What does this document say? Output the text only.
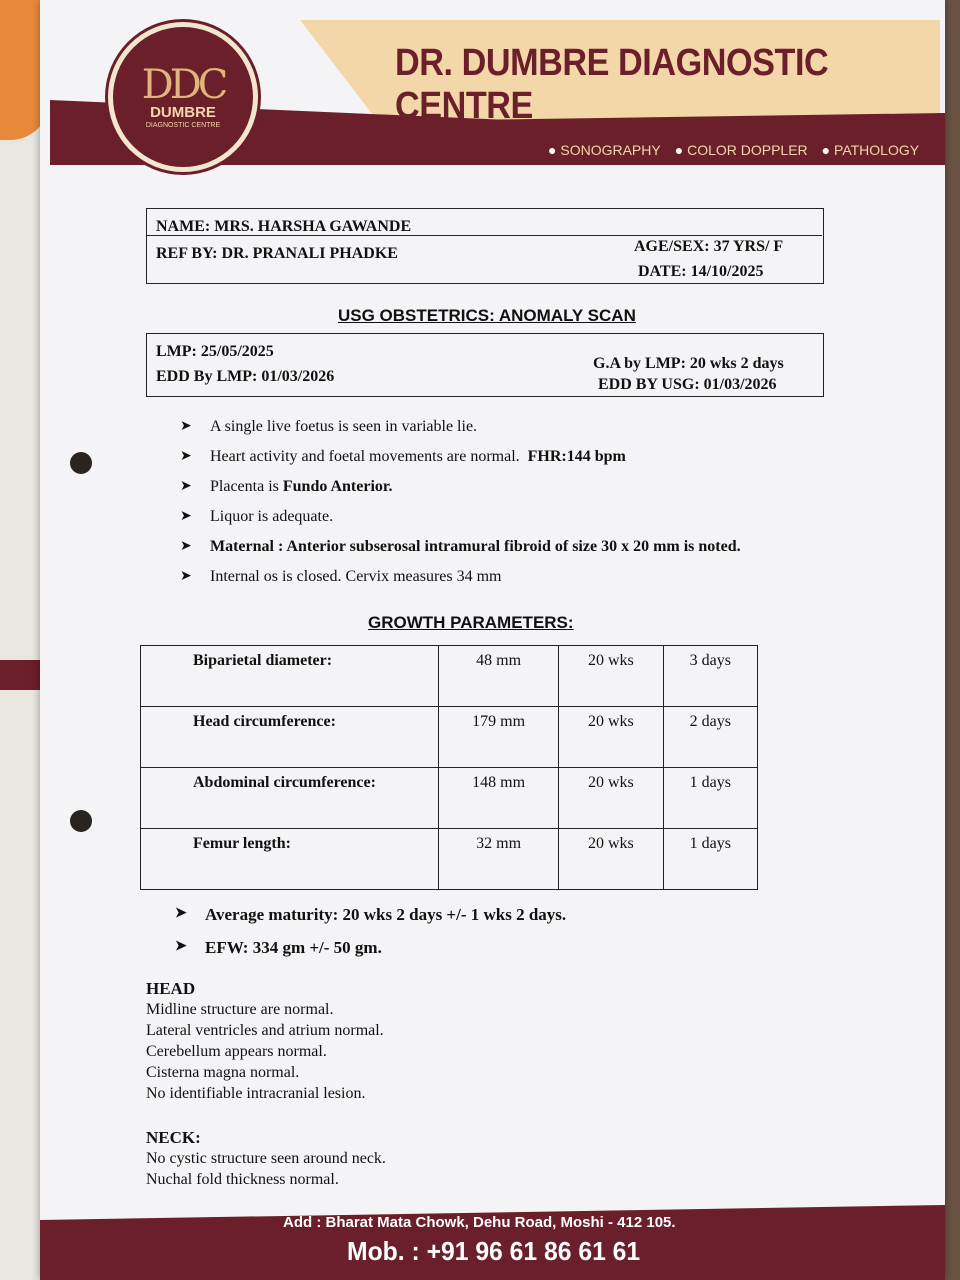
DDC
DUMBRE
DIAGNOSTIC CENTRE
DR. DUMBRE DIAGNOSTIC CENTRE
● SONOGRAPHY	● COLOR DOPPLER	● PATHOLOGY
NAME: MRS. HARSHA GAWANDE
REF BY: DR. PRANALI PHADKE	AGE/SEX: 37 YRS/ F
DATE: 14/10/2025
USG OBSTETRICS: ANOMALY SCAN
LMP: 25/05/2025
EDD By LMP: 01/03/2026
G.A by LMP: 20 wks 2 days
EDD BY USG: 01/03/2026
➤	A single live foetus is seen in variable lie.
➤	Heart activity and foetal movements are normal.
FHR:144 bpm
➤	Placenta is
Fundo Anterior.
➤	Liquor is adequate.
➤	Maternal : Anterior subserosal intramural fibroid of size 30 x 20 mm is noted.
➤	Internal os is closed.
Cervix measures 34 mm
GROWTH PARAMETERS:
Biparietal diameter:	48 mm	20 wks	3 days
Head circumference:	179 mm	20 wks	2 days
Abdominal circumference:	148 mm	20 wks	1 days
Femur length:	32 mm	20 wks	1 days
➤	Average maturity: 20 wks 2 days +/- 1 wks 2 days.
➤	EFW: 334 gm +/- 50 gm.
HEAD
Midline structure are normal.
Lateral ventricles and atrium normal.
Cerebellum appears normal.
Cisterna magna normal.
No identifiable intracranial lesion.
NECK:
No cystic structure seen around neck.
Nuchal fold thickness normal.
Add : Bharat Mata Chowk, Dehu Road, Moshi - 412 105.
Mob. : +91 96 61 86 61 61
